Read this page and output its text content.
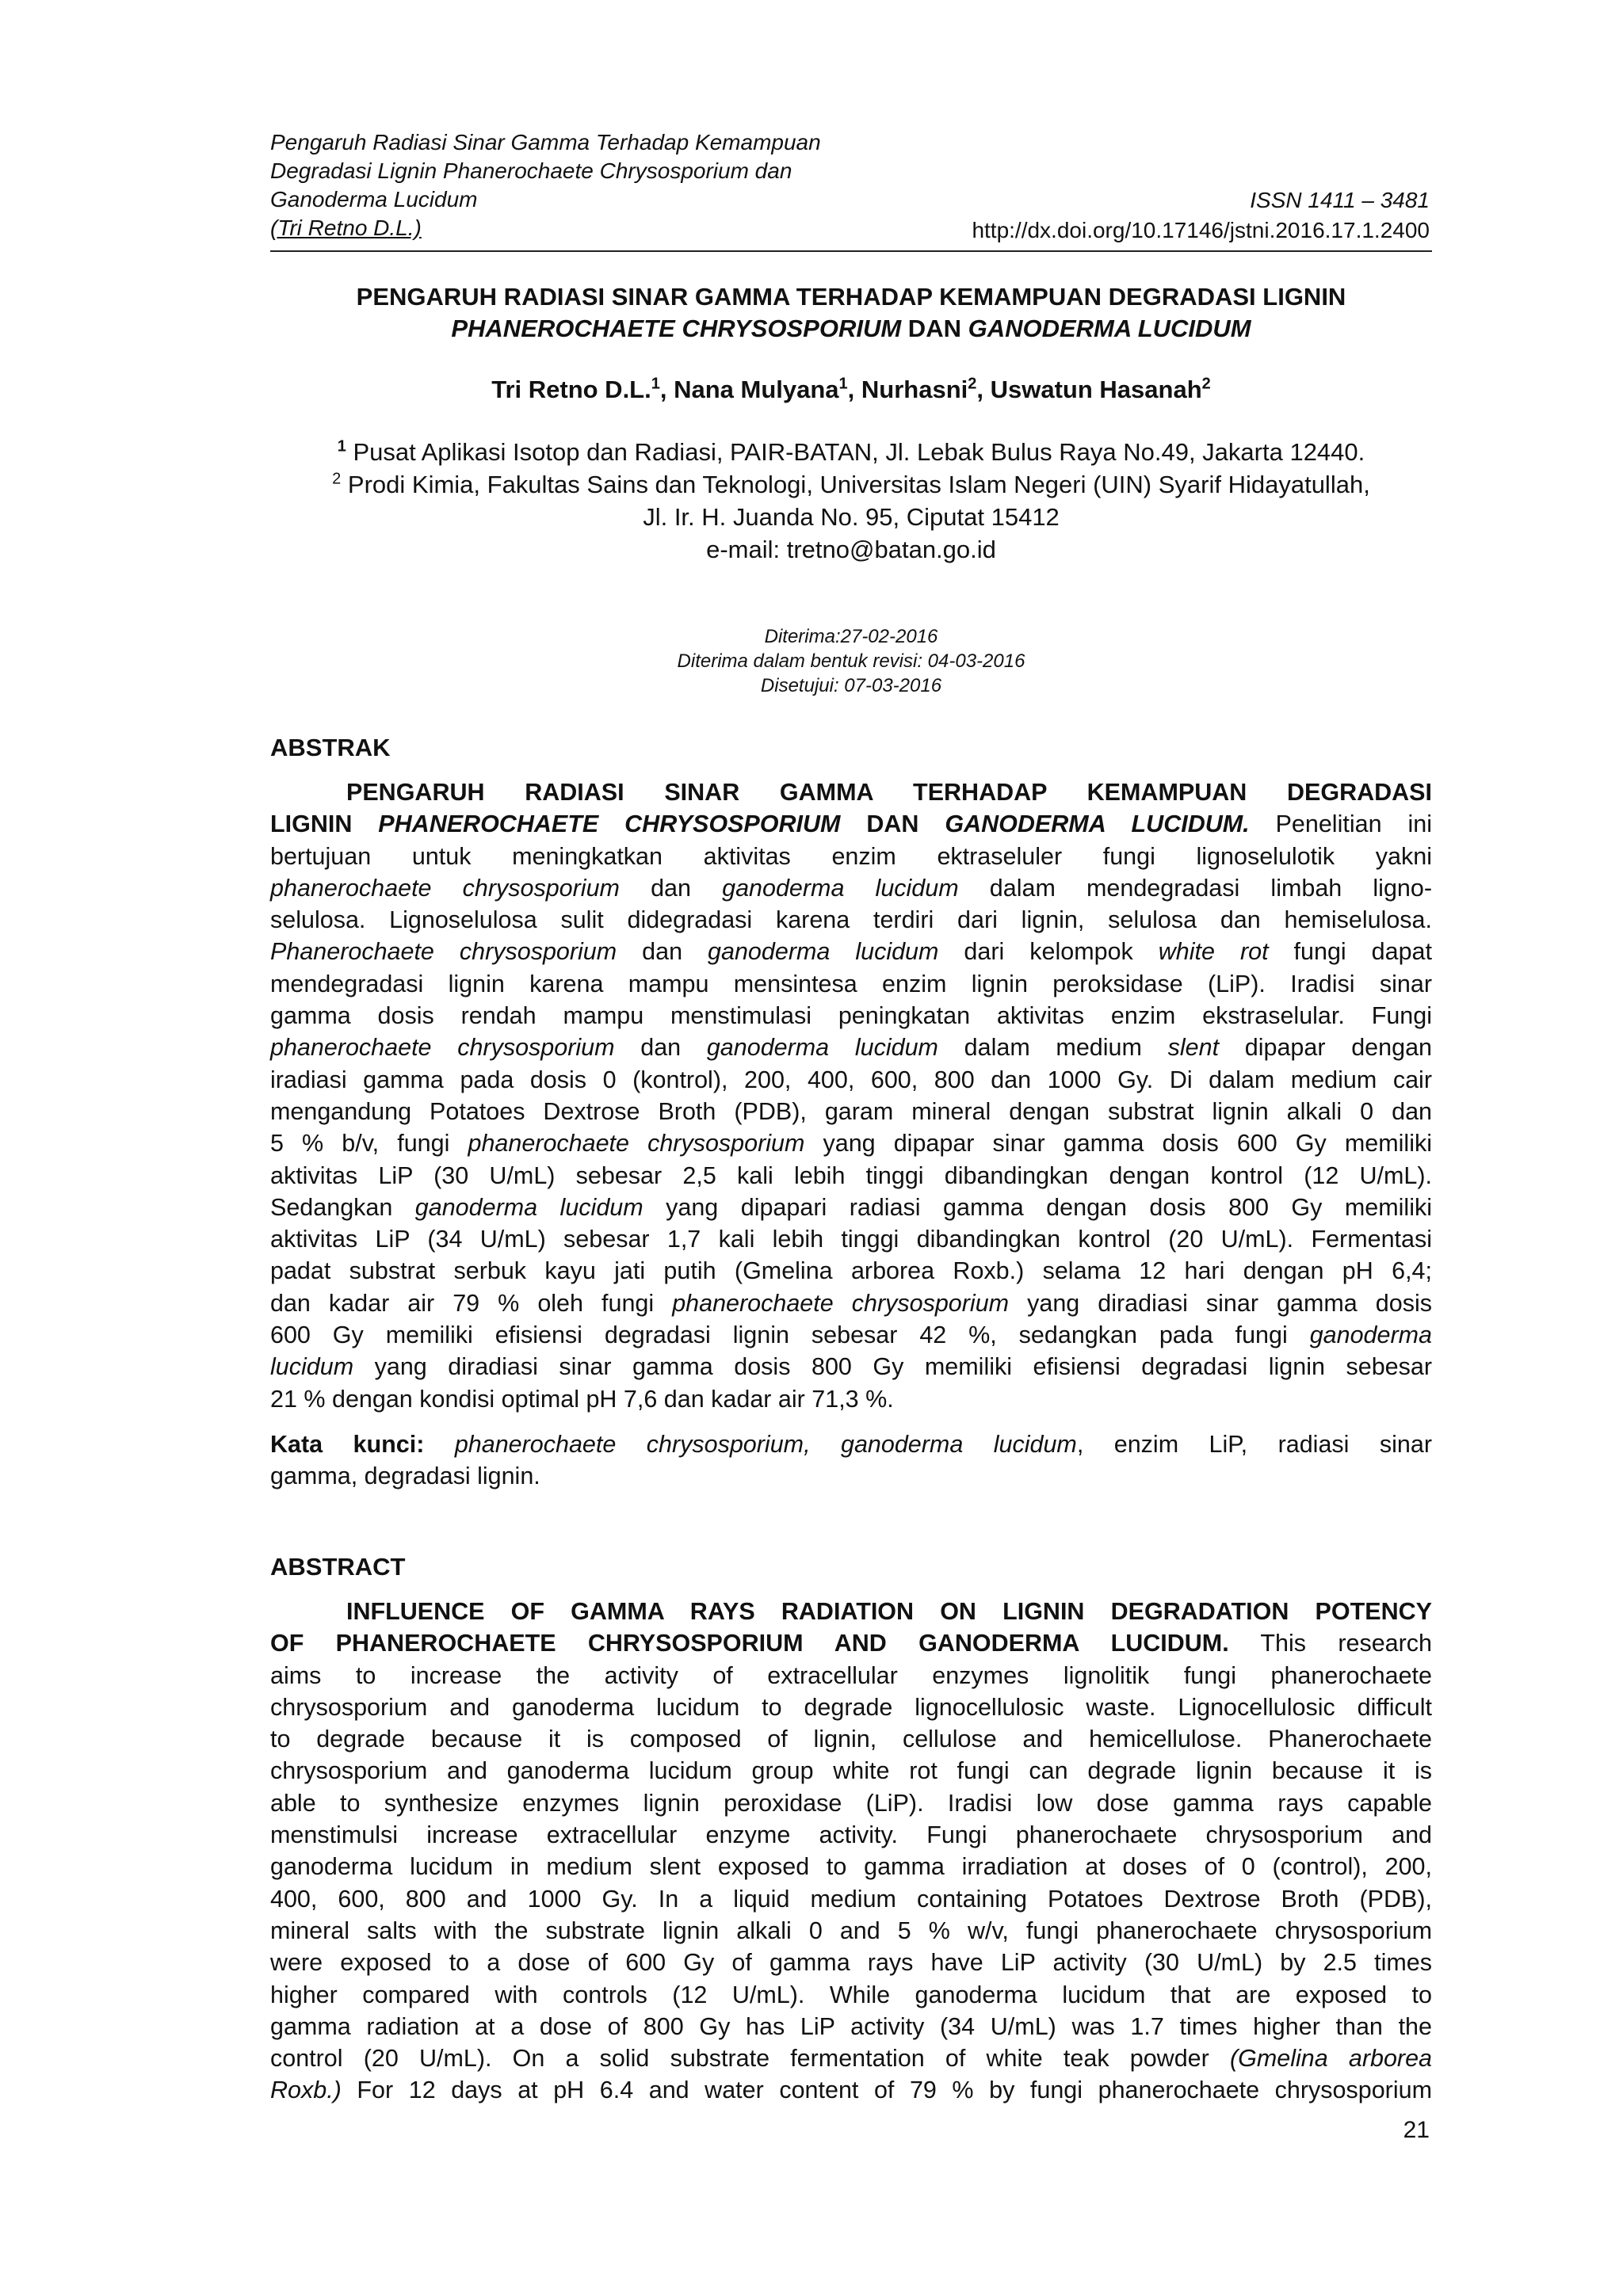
Pengaruh Radiasi Sinar Gamma Terhadap Kemampuan
Degradasi Lignin Phanerochaete Chrysosporium dan
Ganoderma Lucidum
(Tri Retno D.L.)
ISSN 1411 – 3481
http://dx.doi.org/10.17146/jstni.2016.17.1.2400
PENGARUH RADIASI SINAR GAMMA TERHADAP KEMAMPUAN DEGRADASI LIGNIN
PHANEROCHAETE CHRYSOSPORIUM DAN GANODERMA LUCIDUM
Tri Retno D.L.$^1$, Nana Mulyana$^1$, Nurhasni$^2$, Uswatun Hasanah$^2$
$^1$ Pusat Aplikasi Isotop dan Radiasi, PAIR-BATAN, Jl. Lebak Bulus Raya No.49, Jakarta 12440.
$^2$ Prodi Kimia, Fakultas Sains dan Teknologi, Universitas Islam Negeri (UIN) Syarif Hidayatullah,
Jl. Ir. H. Juanda No. 95, Ciputat 15412
e-mail: tretno@batan.go.id
Diterima:27-02-2016
Diterima dalam bentuk revisi: 04-03-2016
Disetujui: 07-03-2016
ABSTRAK
PENGARUH RADIASI SINAR GAMMA TERHADAP KEMAMPUAN DEGRADASI
LIGNIN PHANEROCHAETE CHRYSOSPORIUM DAN GANODERMA LUCIDUM. Penelitian ini
bertujuan untuk meningkatkan aktivitas enzim ektraseluler fungi lignoselulotik yakni
phanerochaete chrysosporium dan ganoderma lucidum dalam mendegradasi limbah ligno-
selulosa. Lignoselulosa sulit didegradasi karena terdiri dari lignin, selulosa dan hemiselulosa.
Phanerochaete chrysosporium dan ganoderma lucidum dari kelompok white rot fungi dapat
mendegradasi lignin karena mampu mensintesa enzim lignin peroksidase (LiP). Iradisi sinar
gamma dosis rendah mampu menstimulasi peningkatan aktivitas enzim ekstraselular. Fungi
phanerochaete chrysosporium dan ganoderma lucidum dalam medium slent dipapar dengan
iradiasi gamma pada dosis 0 (kontrol), 200, 400, 600, 800 dan 1000 Gy. Di dalam medium cair
mengandung Potatoes Dextrose Broth (PDB), garam mineral dengan substrat lignin alkali 0 dan
5 % b/v, fungi phanerochaete chrysosporium yang dipapar sinar gamma dosis 600 Gy memiliki
aktivitas LiP (30 U/mL) sebesar 2,5 kali lebih tinggi dibandingkan dengan kontrol (12 U/mL).
Sedangkan ganoderma lucidum yang dipapari radiasi gamma dengan dosis 800 Gy memiliki
aktivitas LiP (34 U/mL) sebesar 1,7 kali lebih tinggi dibandingkan kontrol (20 U/mL). Fermentasi
padat substrat serbuk kayu jati putih (Gmelina arborea Roxb.) selama 12 hari dengan pH 6,4;
dan kadar air 79 % oleh fungi phanerochaete chrysosporium yang diradiasi sinar gamma dosis
600 Gy memiliki efisiensi degradasi lignin sebesar 42 %, sedangkan pada fungi ganoderma
lucidum yang diradiasi sinar gamma dosis 800 Gy memiliki efisiensi degradasi lignin sebesar
21 % dengan kondisi optimal pH 7,6 dan kadar air 71,3 %.
Kata kunci: phanerochaete chrysosporium, ganoderma lucidum, enzim LiP, radiasi sinar
gamma, degradasi lignin.
ABSTRACT
INFLUENCE OF GAMMA RAYS RADIATION ON LIGNIN DEGRADATION POTENCY
OF PHANEROCHAETE CHRYSOSPORIUM AND GANODERMA LUCIDUM. This research
aims to increase the activity of extracellular enzymes lignolitik fungi phanerochaete
chrysosporium and ganoderma lucidum to degrade lignocellulosic waste. Lignocellulosic difficult
to degrade because it is composed of lignin, cellulose and hemicellulose. Phanerochaete
chrysosporium and ganoderma lucidum group white rot fungi can degrade lignin because it is
able to synthesize enzymes lignin peroxidase (LiP). Iradisi low dose gamma rays capable
menstimulsi increase extracellular enzyme activity. Fungi phanerochaete chrysosporium and
ganoderma lucidum in medium slent exposed to gamma irradiation at doses of 0 (control), 200,
400, 600, 800 and 1000 Gy. In a liquid medium containing Potatoes Dextrose Broth (PDB),
mineral salts with the substrate lignin alkali 0 and 5 % w/v, fungi phanerochaete chrysosporium
were exposed to a dose of 600 Gy of gamma rays have LiP activity (30 U/mL) by 2.5 times
higher compared with controls (12 U/mL). While ganoderma lucidum that are exposed to
gamma radiation at a dose of 800 Gy has LiP activity (34 U/mL) was 1.7 times higher than the
control (20 U/mL). On a solid substrate fermentation of white teak powder (Gmelina arborea
Roxb.) For 12 days at pH 6.4 and water content of 79 % by fungi phanerochaete chrysosporium
21
